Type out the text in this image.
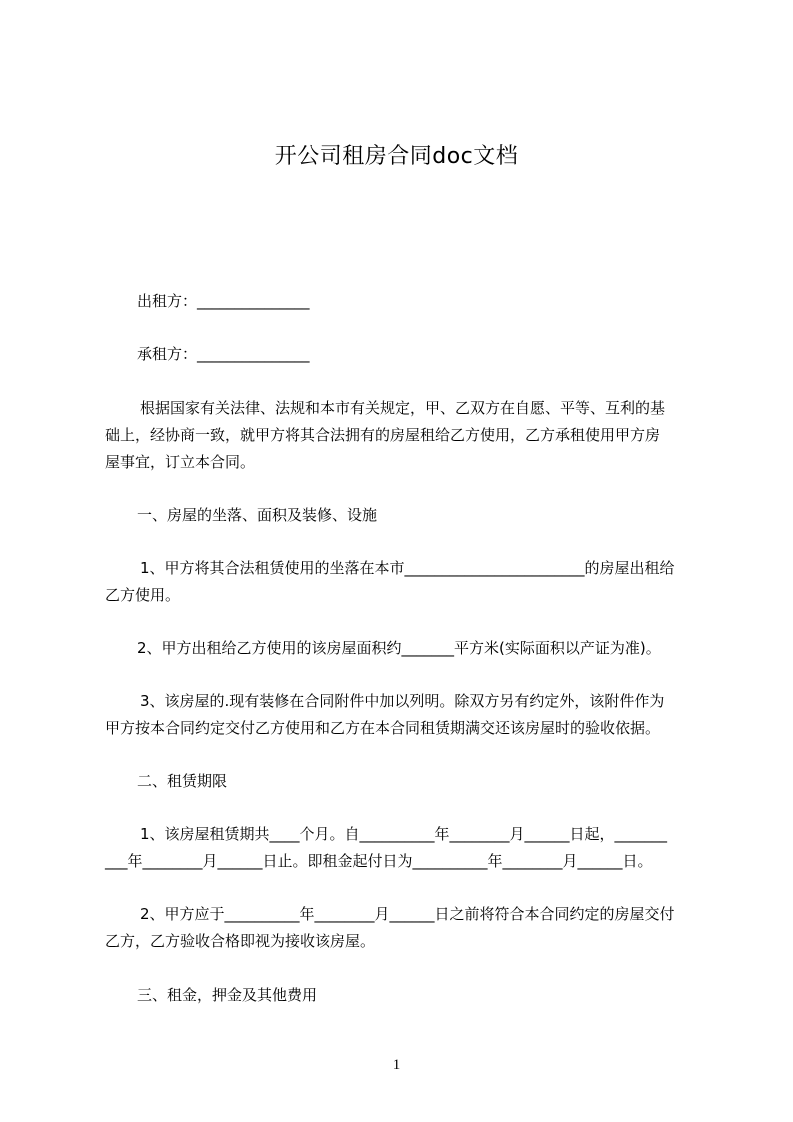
开公司租房合同doc文档
出租方：_______________
承租方：_______________
根据国家有关法律、法规和本市有关规定，甲、乙双方在自愿、平等、互利的基
础上，经协商一致，就甲方将其合法拥有的房屋租给乙方使用，乙方承租使用甲方房
屋事宜，订立本合同。
一、房屋的坐落、面积及装修、设施
1、甲方将其合法租赁使用的坐落在本市________________________的房屋出租给
乙方使用。
2、甲方出租给乙方使用的该房屋面积约_______平方米(实际面积以产证为准)。
3、该房屋的.现有装修在合同附件中加以列明。除双方另有约定外，该附件作为
甲方按本合同约定交付乙方使用和乙方在本合同租赁期满交还该房屋时的验收依据。
二、租赁期限
1、该房屋租赁期共____个月。自__________年________月______日起，_______
___年________月______日止。即租金起付日为__________年________月______日。
2、甲方应于__________年________月______日之前将符合本合同约定的房屋交付
乙方，乙方验收合格即视为接收该房屋。
三、租金，押金及其他费用
1
